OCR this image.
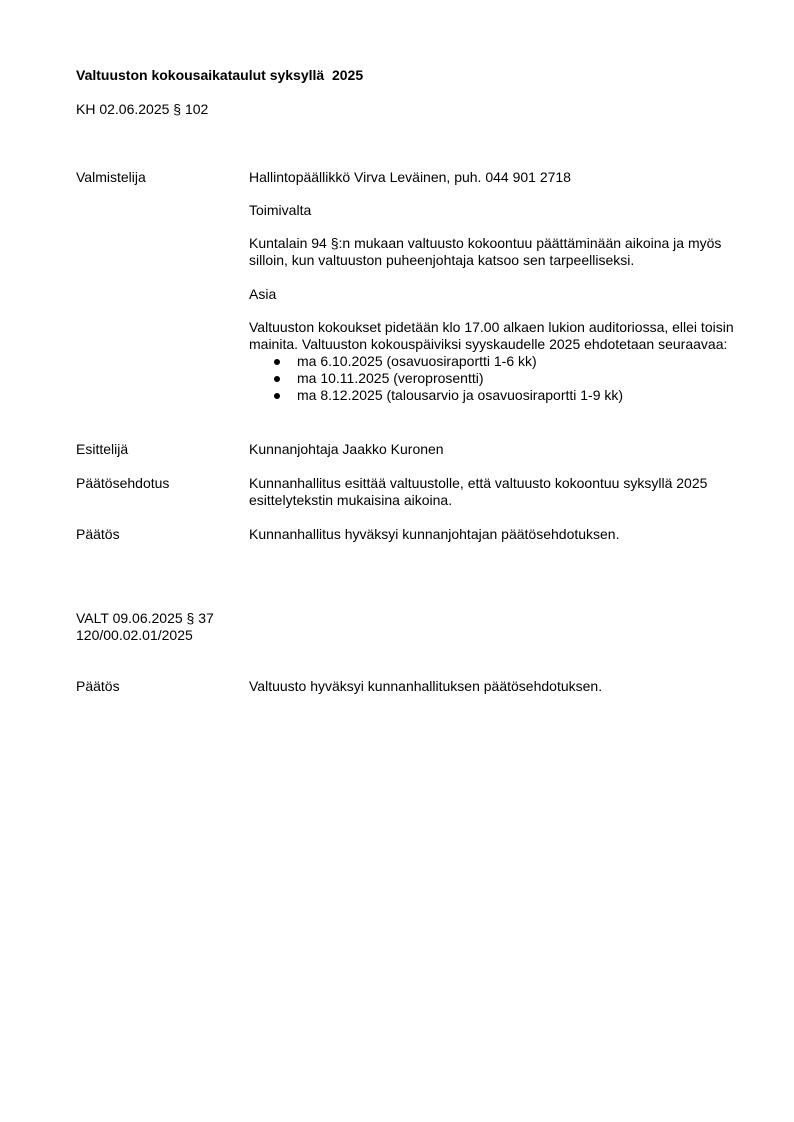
Valtuuston kokousaikataulut syksyllä  2025
KH 02.06.2025 § 102
Valmistelija	Hallintopäällikkö Virva Leväinen, puh. 044 901 2718

Toimivalta

Kuntalain 94 §:n mukaan valtuusto kokoontuu päättäminään aikoina ja myös silloin, kun valtuuston puheenjohtaja katsoo sen tarpeelliseksi.

Asia

Valtuuston kokoukset pidetään klo 17.00 alkaen lukion auditoriossa, ellei toisin mainita. Valtuuston kokouspäiviksi syyskaudelle 2025 ehdotetaan seuraavaa:

ma 6.10.2025 (osavuosiraportti 1-6 kk)
ma 10.11.2025 (veroprosentti)
ma 8.12.2025 (talousarvio ja osavuosiraportti 1-9 kk)
Esittelijä	Kunnanjohtaja Jaakko Kuronen
Päätösehdotus	Kunnanhallitus esittää valtuustolle, että valtuusto kokoontuu syksyllä 2025 esittelytekstin mukaisina aikoina.
Päätös	Kunnanhallitus hyväksyi kunnanjohtajan päätösehdotuksen.
VALT 09.06.2025 § 37
120/00.02.01/2025
Päätös	Valtuusto hyväksyi kunnanhallituksen päätösehdotuksen.
